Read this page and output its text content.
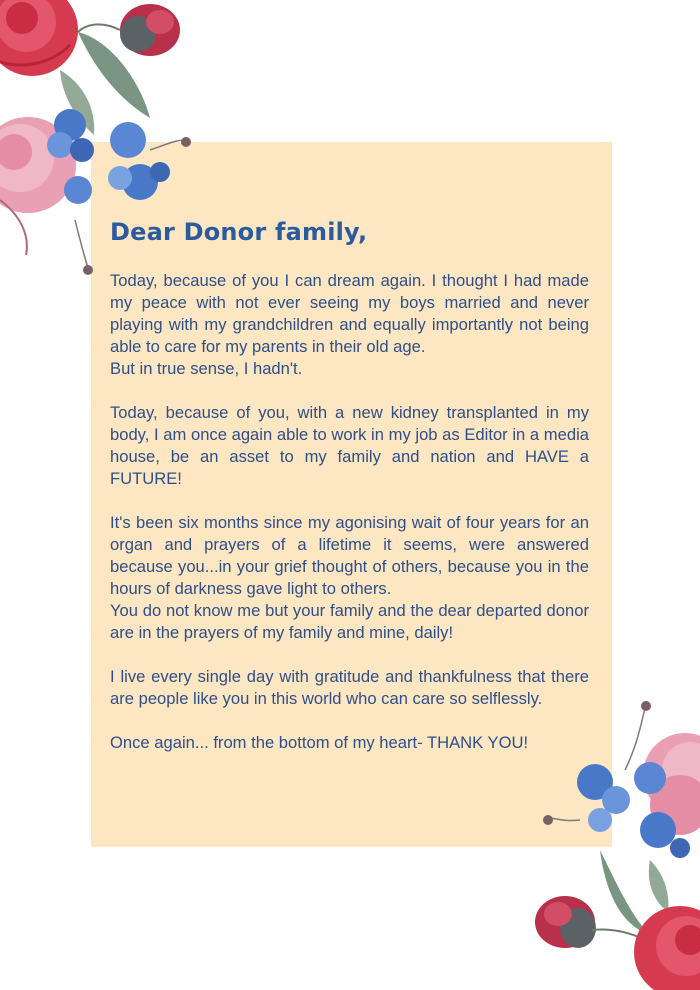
Dear Donor family,

Today, because of you I can dream again. I thought I had made my peace with not ever seeing my boys married and never playing with my grandchildren and equally importantly not being able to care for my parents in their old age.
But in true sense, I hadn't.

Today, because of you, with a new kidney transplanted in my body, I am once again able to work in my job as Editor in a media house, be an asset to my family and nation and HAVE a FUTURE!

It's been six months since my agonising wait of four years for an organ and prayers of a lifetime it seems, were answered because you...in your grief thought of others, because you in the hours of darkness gave light to others.
You do not know me but your family and the dear departed donor are in the prayers of my family and mine, daily!

I live every single day with gratitude and thankfulness that there are people like you in this world who can care so selflessly.

Once again... from the bottom of my heart- THANK YOU!
